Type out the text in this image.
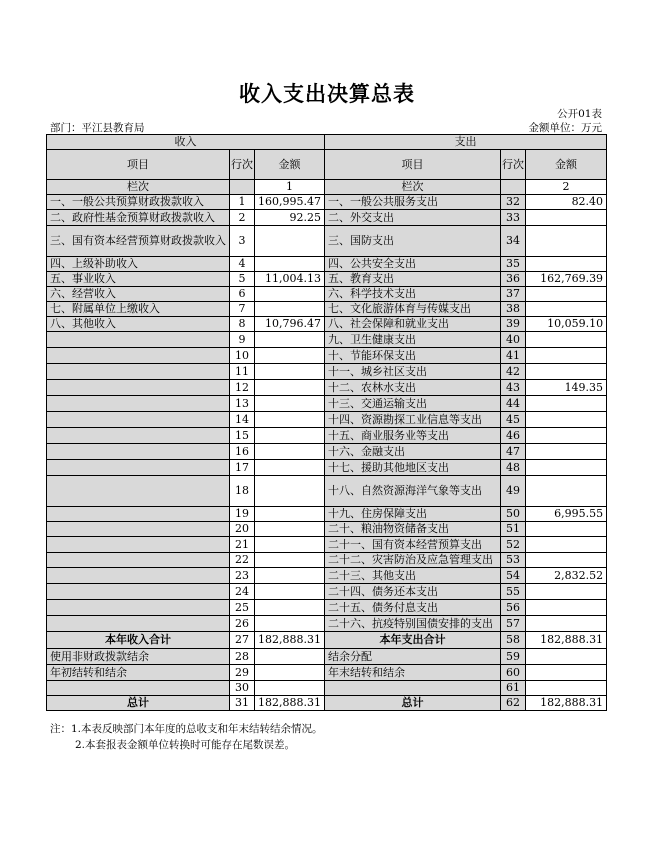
收入支出决算总表
公开01表
部门：平江县教育局	金额单位：万元
收入			支出		
项目	行次	金额	项目	行次	金额
栏次		1	栏次		2
一、一般公共预算财政拨款收入	1	160,995.47	一、一般公共服务支出	32	82.40
二、政府性基金预算财政拨款收入	2	92.25	二、外交支出	33	
三、国有资本经营预算财政拨款收入	3		三、国防支出	34	
四、上级补助收入	4		四、公共安全支出	35	
五、事业收入	5	11,004.13	五、教育支出	36	162,769.39
六、经营收入	6		六、科学技术支出	37	
七、附属单位上缴收入	7		七、文化旅游体育与传媒支出	38	
八、其他收入	8	10,796.47	八、社会保障和就业支出	39	10,059.10
	9		九、卫生健康支出	40	
	10		十、节能环保支出	41	
	11		十一、城乡社区支出	42	
	12		十二、农林水支出	43	149.35
	13		十三、交通运输支出	44	
	14		十四、资源勘探工业信息等支出	45	
	15		十五、商业服务业等支出	46	
	16		十六、金融支出	47	
	17		十七、援助其他地区支出	48	
	18		十八、自然资源海洋气象等支出	49	
	19		十九、住房保障支出	50	6,995.55
	20		二十、粮油物资储备支出	51	
	21		二十一、国有资本经营预算支出	52	
	22		二十二、灾害防治及应急管理支出	53	
	23		二十三、其他支出	54	2,832.52
	24		二十四、债务还本支出	55	
	25		二十五、债务付息支出	56	
	26		二十六、抗疫特别国债安排的支出	57	
本年收入合计	27	182,888.31	本年支出合计	58	182,888.31
使用非财政拨款结余	28		结余分配	59	
年初结转和结余	29		年末结转和结余	60	
	30			61	
总计	31	182,888.31	总计	62	182,888.31
注：1.本表反映部门本年度的总收支和年末结转结余情况。
2.本套报表金额单位转换时可能存在尾数误差。
